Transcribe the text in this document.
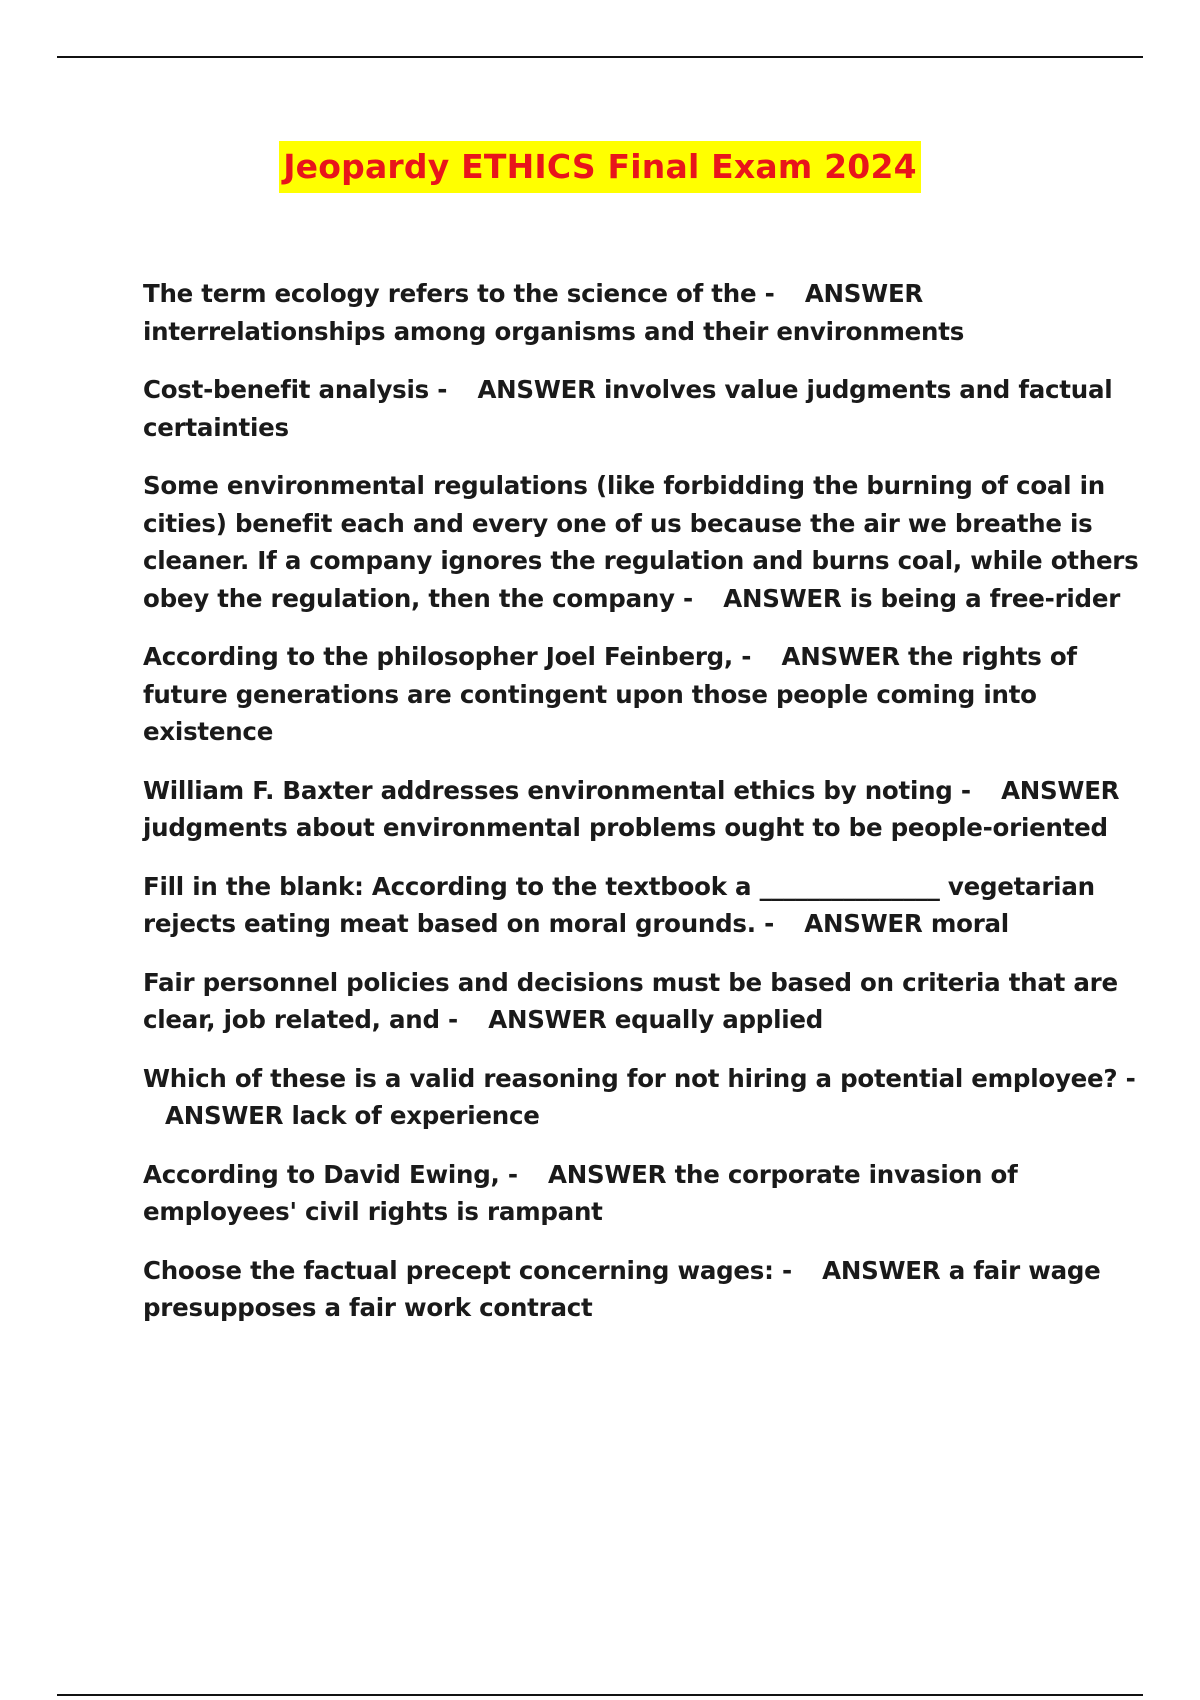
Jeopardy ETHICS Final Exam 2024
The term ecology refers to the science of the - ANSWER interrelationships among organisms and their environments
Cost-benefit analysis - ANSWER involves value judgments and factual certainties
Some environmental regulations (like forbidding the burning of coal in cities) benefit each and every one of us because the air we breathe is cleaner. If a company ignores the regulation and burns coal, while others obey the regulation, then the company - ANSWER is being a free-rider
According to the philosopher Joel Feinberg, - ANSWER the rights of future generations are contingent upon those people coming into existence
William F. Baxter addresses environmental ethics by noting - ANSWER judgments about environmental problems ought to be people-oriented
Fill in the blank: According to the textbook a _______________ vegetarian rejects eating meat based on moral grounds. - ANSWER moral
Fair personnel policies and decisions must be based on criteria that are clear, job related, and - ANSWER equally applied
Which of these is a valid reasoning for not hiring a potential employee? - ANSWER lack of experience
According to David Ewing, - ANSWER the corporate invasion of employees' civil rights is rampant
Choose the factual precept concerning wages: - ANSWER a fair wage presupposes a fair work contract
